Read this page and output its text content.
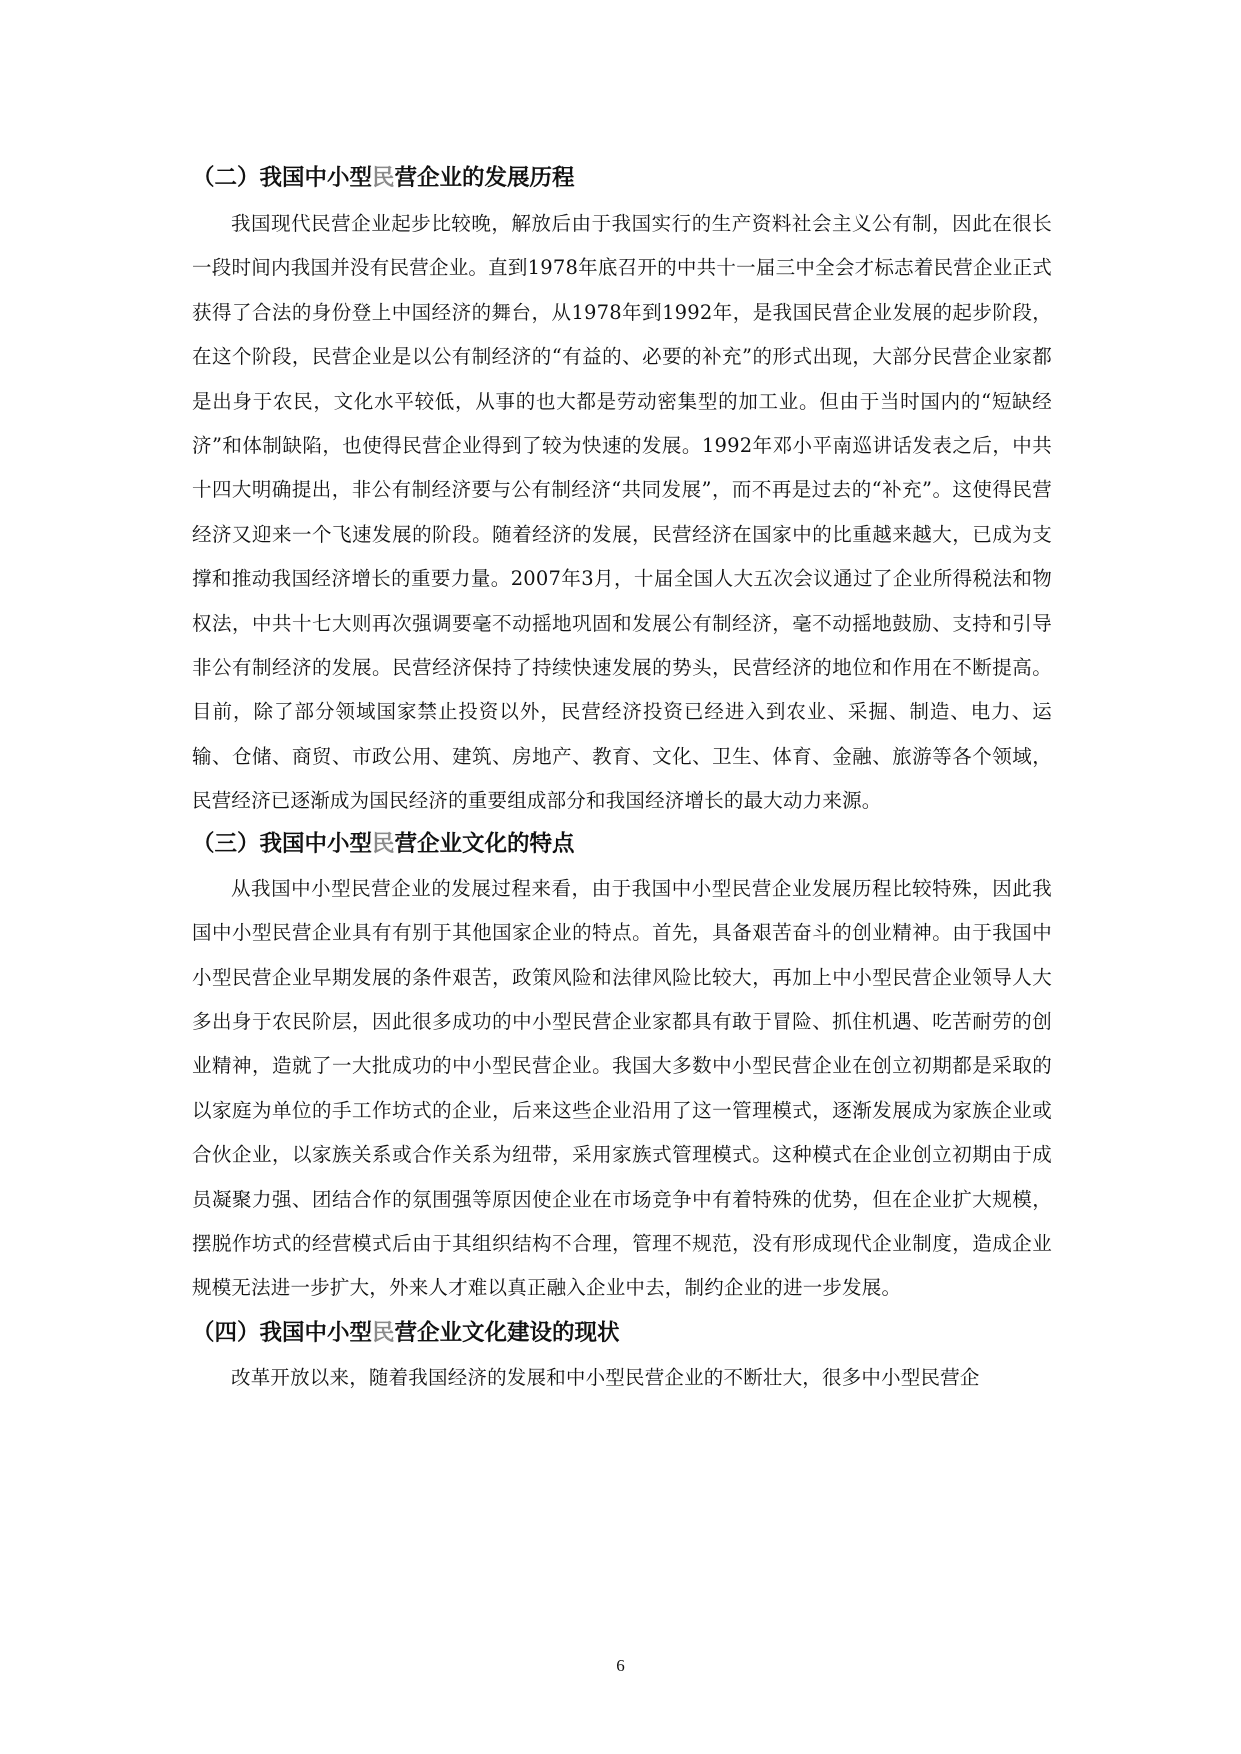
（二）我国中小型民营企业的发展历程

我国现代民营企业起步比较晚，解放后由于我国实行的生产资料社会主义公有制，因此在很长一段时间内我国并没有民营企业。直到1978年底召开的中共十一届三中全会才标志着民营企业正式获得了合法的身份登上中国经济的舞台，从1978年到1992年，是我国民营企业发展的起步阶段，在这个阶段，民营企业是以公有制经济的“有益的、必要的补充”的形式出现，大部分民营企业家都是出身于农民，文化水平较低，从事的也大都是劳动密集型的加工业。但由于当时国内的“短缺经济”和体制缺陷，也使得民营企业得到了较为快速的发展。1992年邓小平南巡讲话发表之后，中共十四大明确提出，非公有制经济要与公有制经济“共同发展”，而不再是过去的“补充”。这使得民营经济又迎来一个飞速发展的阶段。随着经济的发展，民营经济在国家中的比重越来越大，已成为支撑和推动我国经济增长的重要力量。2007年3月，十届全国人大五次会议通过了企业所得税法和物权法，中共十七大则再次强调要毫不动摇地巩固和发展公有制经济，毫不动摇地鼓励、支持和引导非公有制经济的发展。民营经济保持了持续快速发展的势头，民营经济的地位和作用在不断提高。目前，除了部分领域国家禁止投资以外，民营经济投资已经进入到农业、采掘、制造、电力、运输、仓储、商贸、市政公用、建筑、房地产、教育、文化、卫生、体育、金融、旅游等各个领域，民营经济已逐渐成为国民经济的重要组成部分和我国经济增长的最大动力来源。

（三）我国中小型民营企业文化的特点

从我国中小型民营企业的发展过程来看，由于我国中小型民营企业发展历程比较特殊，因此我国中小型民营企业具有有别于其他国家企业的特点。首先，具备艰苦奋斗的创业精神。由于我国中小型民营企业早期发展的条件艰苦，政策风险和法律风险比较大，再加上中小型民营企业领导人大多出身于农民阶层，因此很多成功的中小型民营企业家都具有敢于冒险、抓住机遇、吃苦耐劳的创业精神，造就了一大批成功的中小型民营企业。我国大多数中小型民营企业在创立初期都是采取的以家庭为单位的手工作坊式的企业，后来这些企业沿用了这一管理模式，逐渐发展成为家族企业或合伙企业，以家族关系或合作关系为纽带，采用家族式管理模式。这种模式在企业创立初期由于成员凝聚力强、团结合作的氛围强等原因使企业在市场竞争中有着特殊的优势，但在企业扩大规模，摆脱作坊式的经营模式后由于其组织结构不合理，管理不规范，没有形成现代企业制度，造成企业规模无法进一步扩大，外来人才难以真正融入企业中去，制约企业的进一步发展。

（四）我国中小型民营企业文化建设的现状

改革开放以来，随着我国经济的发展和中小型民营企业的不断壮大，很多中小型民营企

6
